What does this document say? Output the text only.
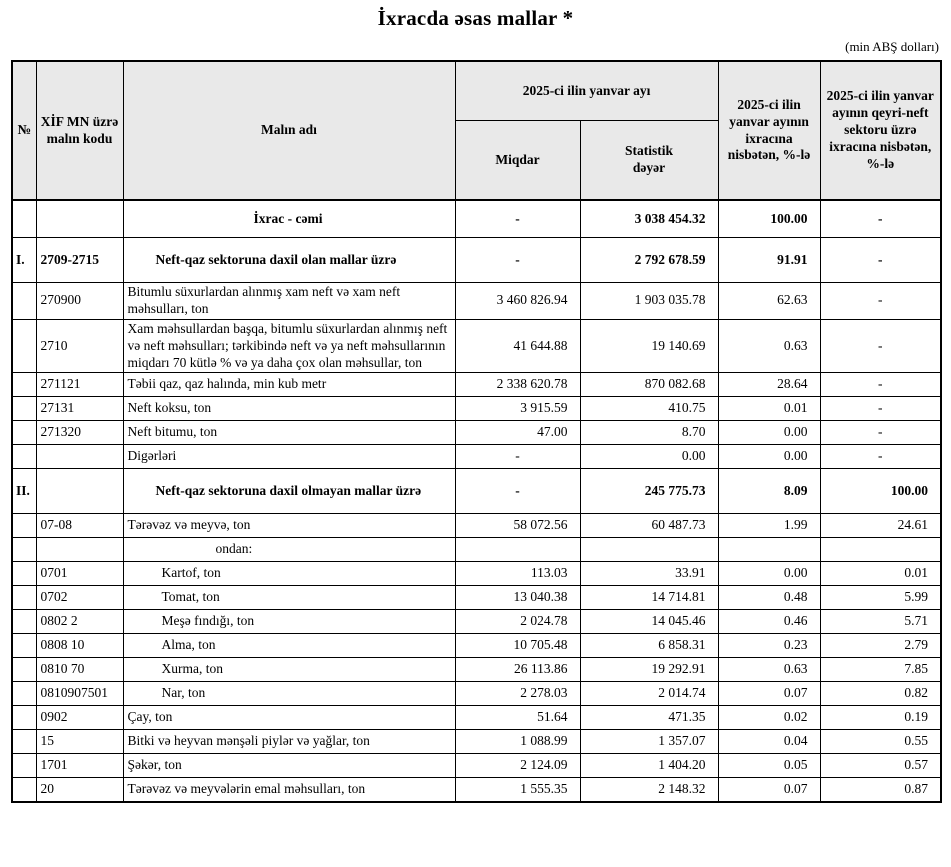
İxracda əsas mallar *
(min ABŞ dolları)
№	XİF MN üzrə malın kodu	Malın adı	2025-ci ilin yanvar ayı		2025-ci ilin yanvar ayının ixracına nisbətən, %-lə	2025-ci ilin yanvar ayının qeyri-neft sektoru üzrə ixracına nisbətən, %-lə
			Miqdar	Statistik dəyər		
		İxrac - cəmi	-	3 038 454.32	100.00	-
I.	2709-2715	Neft-qaz sektoruna daxil olan mallar üzrə	-	2 792 678.59	91.91	-
	270900	Bitumlu süxurlardan alınmış xam neft və xam neft məhsulları, ton	3 460 826.94	1 903 035.78	62.63	-
	2710	Xam məhsullardan başqa, bitumlu süxurlardan alınmış neft və neft məhsulları; tərkibində neft və ya neft məhsullarının miqdarı 70 kütlə % və ya daha çox olan məhsullar, ton	41 644.88	19 140.69	0.63	-
	271121	Təbii qaz, qaz halında, min kub metr	2 338 620.78	870 082.68	28.64	-
	27131	Neft koksu, ton	3 915.59	410.75	0.01	-
	271320	Neft bitumu, ton	47.00	8.70	0.00	-
		Digərləri	-	0.00	0.00	-
II.		Neft-qaz sektoruna daxil olmayan mallar üzrə	-	245 775.73	8.09	100.00
	07-08	Tərəvəz və meyvə, ton	58 072.56	60 487.73	1.99	24.61
		ondan:				
	0701	Kartof, ton	113.03	33.91	0.00	0.01
	0702	Tomat, ton	13 040.38	14 714.81	0.48	5.99
	0802 2	Meşə fındığı, ton	2 024.78	14 045.46	0.46	5.71
	0808 10	Alma, ton	10 705.48	6 858.31	0.23	2.79
	0810 70	Xurma, ton	26 113.86	19 292.91	0.63	7.85
	0810907501	Nar, ton	2 278.03	2 014.74	0.07	0.82
	0902	Çay, ton	51.64	471.35	0.02	0.19
	15	Bitki və heyvan mənşəli piylər və yağlar, ton	1 088.99	1 357.07	0.04	0.55
	1701	Şəkər, ton	2 124.09	1 404.20	0.05	0.57
	20	Tərəvəz və meyvələrin emal məhsulları, ton	1 555.35	2 148.32	0.07	0.87
